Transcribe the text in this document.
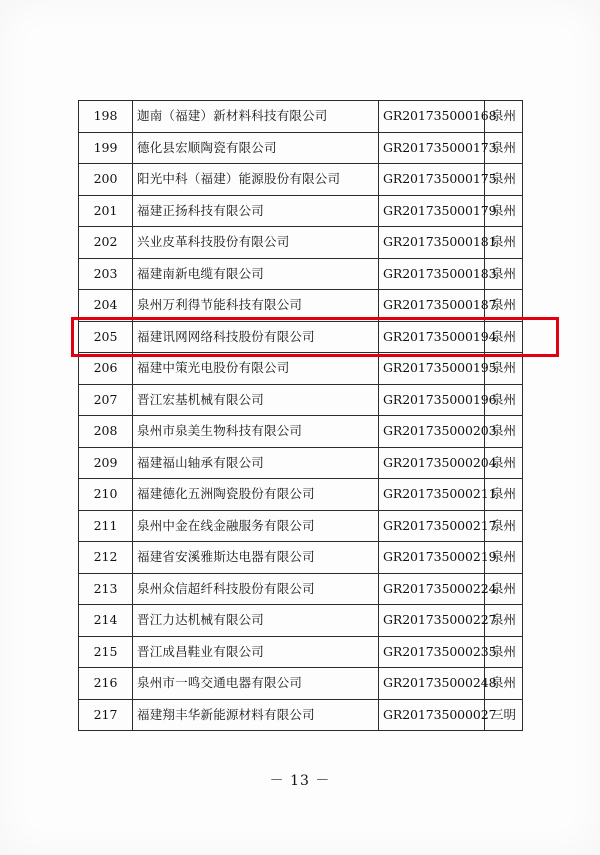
198	迦南（福建）新材料科技有限公司	GR201735000168	泉州
199	德化县宏顺陶瓷有限公司	GR201735000173	泉州
200	阳光中科（福建）能源股份有限公司	GR201735000175	泉州
201	福建正扬科技有限公司	GR201735000179	泉州
202	兴业皮革科技股份有限公司	GR201735000181	泉州
203	福建南新电缆有限公司	GR201735000183	泉州
204	泉州万利得节能科技有限公司	GR201735000187	泉州
205	福建讯网网络科技股份有限公司	GR201735000194	泉州
206	福建中策光电股份有限公司	GR201735000195	泉州
207	晋江宏基机械有限公司	GR201735000196	泉州
208	泉州市泉美生物科技有限公司	GR201735000203	泉州
209	福建福山轴承有限公司	GR201735000204	泉州
210	福建德化五洲陶瓷股份有限公司	GR201735000211	泉州
211	泉州中金在线金融服务有限公司	GR201735000217	泉州
212	福建省安溪雅斯达电器有限公司	GR201735000219	泉州
213	泉州众信超纤科技股份有限公司	GR201735000224	泉州
214	晋江力达机械有限公司	GR201735000227	泉州
215	晋江成昌鞋业有限公司	GR201735000235	泉州
216	泉州市一鸣交通电器有限公司	GR201735000248	泉州
217	福建翔丰华新能源材料有限公司	GR201735000027	三明
－ 13 －
